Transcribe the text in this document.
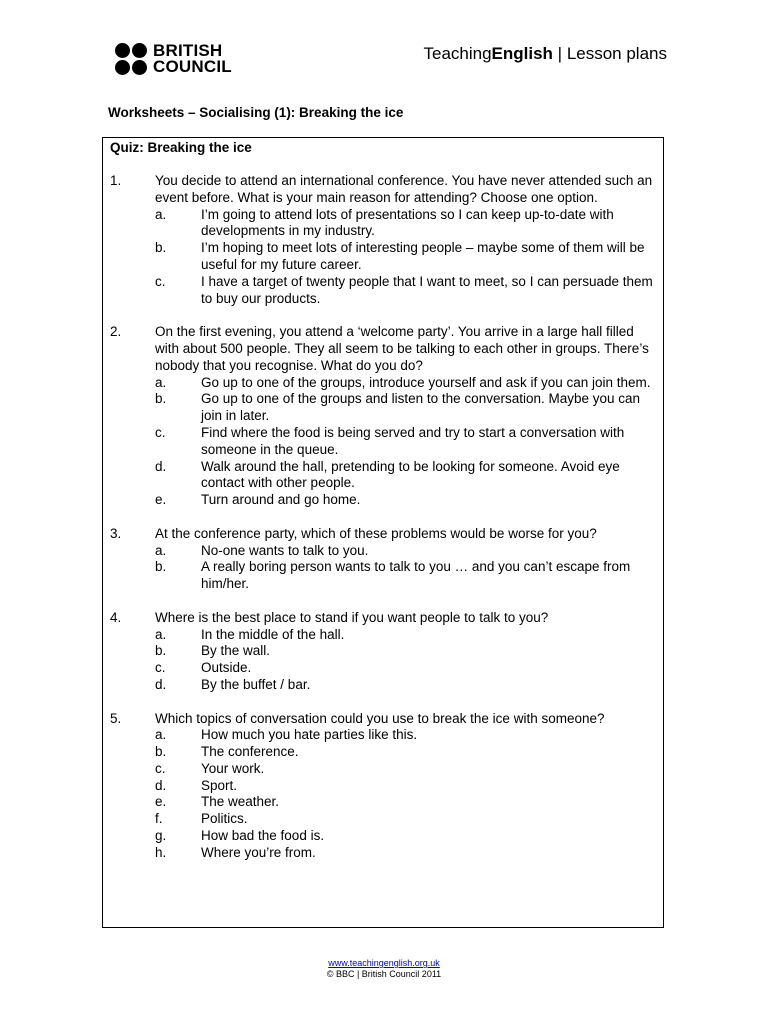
BRITISH
COUNCIL
TeachingEnglish | Lesson plans
Worksheets – Socialising (1): Breaking the ice
Quiz: Breaking the ice
1. You decide to attend an international conference. You have never attended such an event before. What is your main reason for attending? Choose one option.
a.	I’m going to attend lots of presentations so I can keep up-to-date with developments in my industry.
b.	I’m hoping to meet lots of interesting people – maybe some of them will be useful for my future career.
c.	I have a target of twenty people that I want to meet, so I can persuade them to buy our products.
2. On the first evening, you attend a ‘welcome party’. You arrive in a large hall filled with about 500 people. They all seem to be talking to each other in groups. There’s nobody that you recognise. What do you do?
a.	Go up to one of the groups, introduce yourself and ask if you can join them.
b.	Go up to one of the groups and listen to the conversation. Maybe you can join in later.
c.	Find where the food is being served and try to start a conversation with someone in the queue.
d.	Walk around the hall, pretending to be looking for someone. Avoid eye contact with other people.
e.	Turn around and go home.
3. At the conference party, which of these problems would be worse for you?
a.	No-one wants to talk to you.
b.	A really boring person wants to talk to you … and you can’t escape from him/her.
4. Where is the best place to stand if you want people to talk to you?
a.	In the middle of the hall.
b.	By the wall.
c.	Outside.
d.	By the buffet / bar.
5. Which topics of conversation could you use to break the ice with someone?
a.	How much you hate parties like this.
b.	The conference.
c.	Your work.
d.	Sport.
e.	The weather.
f.	Politics.
g.	How bad the food is.
h.	Where you’re from.
www.teachingenglish.org.uk
© BBC | British Council 2011
